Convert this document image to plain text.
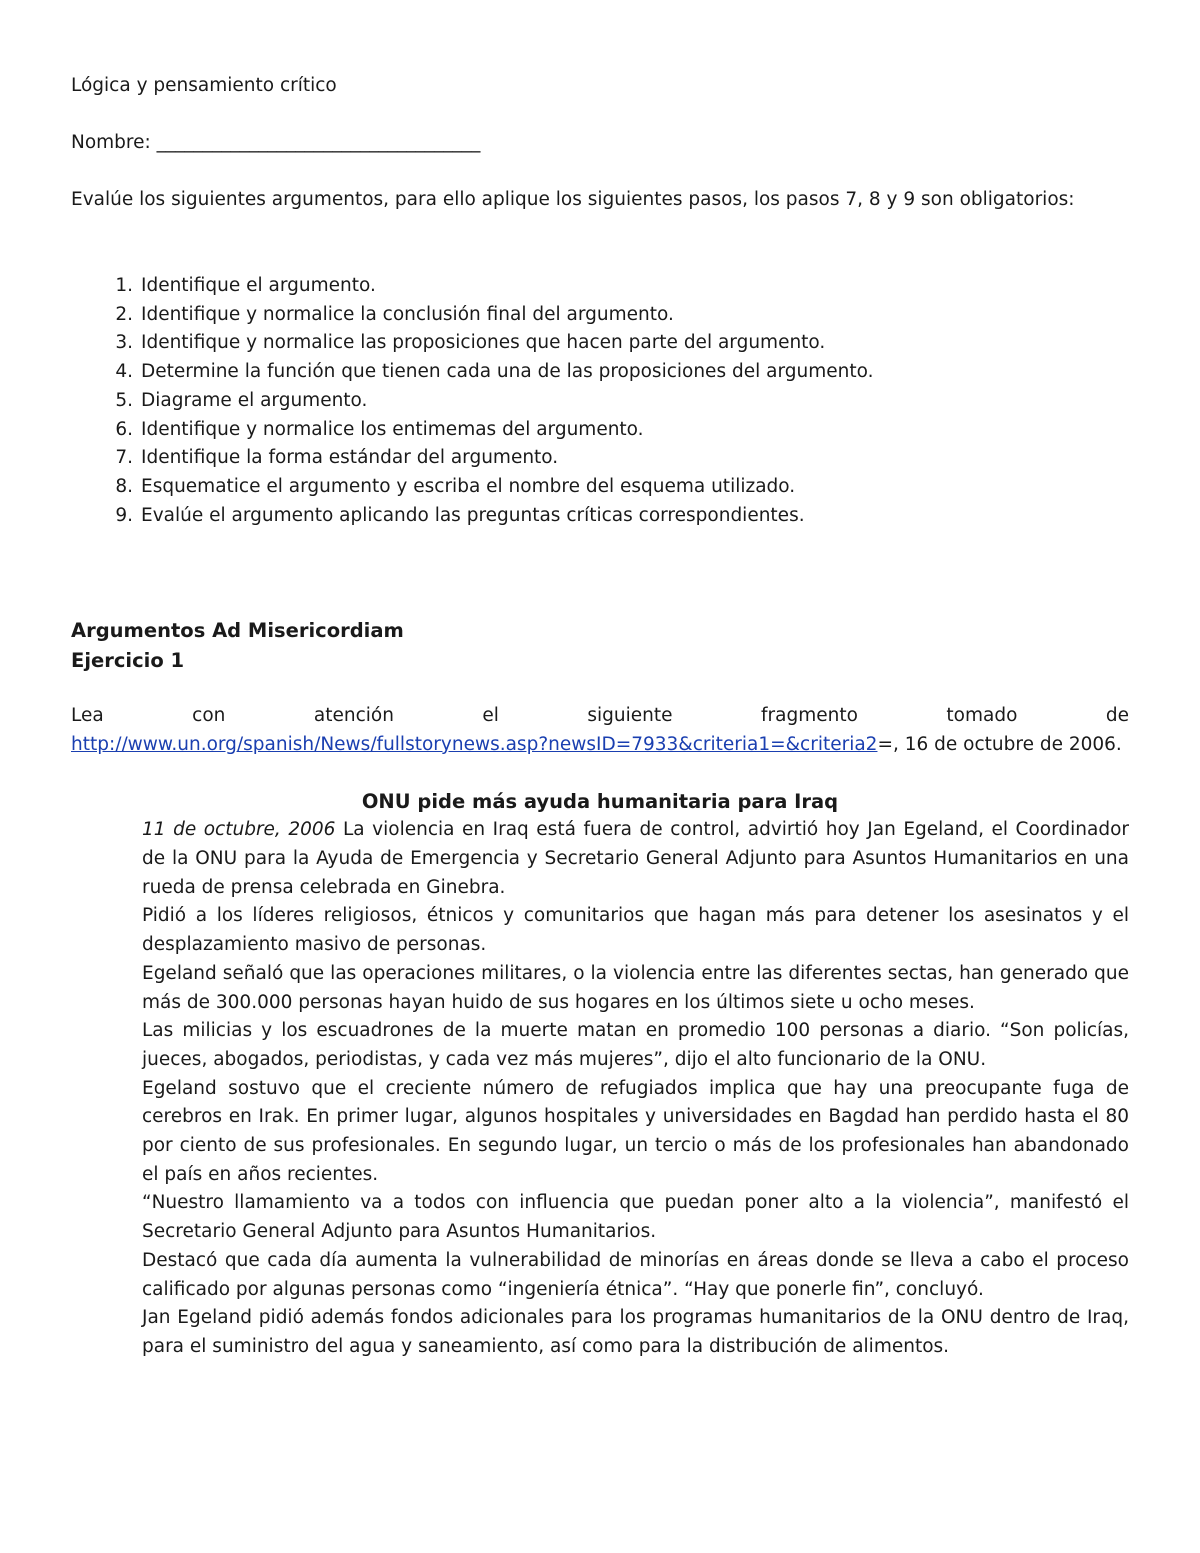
Lógica y pensamiento crítico

Nombre: ___________________________________

Evalúe los siguientes argumentos, para ello aplique los siguientes pasos, los pasos 7, 8 y 9 son obligatorios:

1. Identifique el argumento.
2. Identifique y normalice la conclusión final del argumento.
3. Identifique y normalice las proposiciones que hacen parte del argumento.
4. Determine la función que tienen cada una de las proposiciones del argumento.
5. Diagrame el argumento.
6. Identifique y normalice los entimemas del argumento.
7. Identifique la forma estándar del argumento.
8. Esquematice el argumento y escriba el nombre del esquema utilizado.
9. Evalúe el argumento aplicando las preguntas críticas correspondientes.
Argumentos Ad Misericordiam
Ejercicio 1
Lea con atención el siguiente fragmento tomado de
http://www.un.org/spanish/News/fullstorynews.asp?newsID=7933&criteria1=&criteria2=, 16 de octubre de 2006.
ONU pide más ayuda humanitaria para Iraq

11 de octubre, 2006 La violencia en Iraq está fuera de control, advirtió hoy Jan Egeland, el Coordinador de la ONU para la Ayuda de Emergencia y Secretario General Adjunto para Asuntos Humanitarios en una rueda de prensa celebrada en Ginebra.

Pidió a los líderes religiosos, étnicos y comunitarios que hagan más para detener los asesinatos y el desplazamiento masivo de personas.

Egeland señaló que las operaciones militares, o la violencia entre las diferentes sectas, han generado que más de 300.000 personas hayan huido de sus hogares en los últimos siete u ocho meses.

Las milicias y los escuadrones de la muerte matan en promedio 100 personas a diario. “Son policías, jueces, abogados, periodistas, y cada vez más mujeres”, dijo el alto funcionario de la ONU.

Egeland sostuvo que el creciente número de refugiados implica que hay una preocupante fuga de cerebros en Irak. En primer lugar, algunos hospitales y universidades en Bagdad han perdido hasta el 80 por ciento de sus profesionales. En segundo lugar, un tercio o más de los profesionales han abandonado el país en años recientes.

“Nuestro llamamiento va a todos con influencia que puedan poner alto a la violencia”, manifestó el Secretario General Adjunto para Asuntos Humanitarios.

Destacó que cada día aumenta la vulnerabilidad de minorías en áreas donde se lleva a cabo el proceso calificado por algunas personas como “ingeniería étnica”. “Hay que ponerle fin”, concluyó.

Jan Egeland pidió además fondos adicionales para los programas humanitarios de la ONU dentro de Iraq, para el suministro del agua y saneamiento, así como para la distribución de alimentos.
